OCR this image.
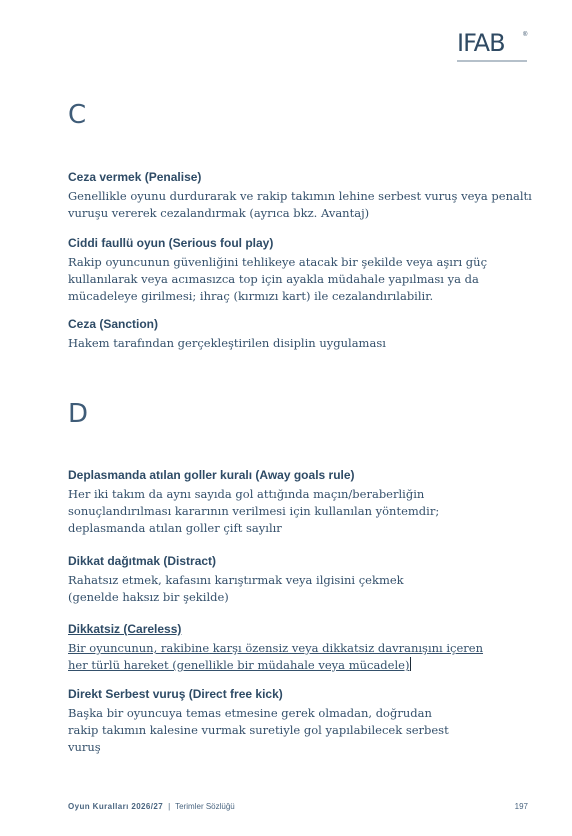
IFAB	®
C

Ceza vermek (Penalise)

Genellikle oyunu durdurarak ve rakip takımın lehine serbest vuruş veya penaltı
vuruşu vererek cezalandırmak (ayrıca bkz. Avantaj)

Ciddi faullü oyun (Serious foul play)

Rakip oyuncunun güvenliğini tehlikeye atacak bir şekilde veya aşırı güç
kullanılarak veya acımasızca top için ayakla müdahale yapılması ya da
mücadeleye girilmesi; ihraç (kırmızı kart) ile cezalandırılabilir.

Ceza (Sanction)

Hakem tarafından gerçekleştirilen disiplin uygulaması

D

Deplasmanda atılan goller kuralı (Away goals rule)

Her iki takım da aynı sayıda gol attığında maçın/beraberliğin
sonuçlandırılması kararının verilmesi için kullanılan yöntemdir;
deplasmanda atılan goller çift sayılır

Dikkat dağıtmak (Distract)

Rahatsız etmek, kafasını karıştırmak veya ilgisini çekmek
(genelde haksız bir şekilde)

Dikkatsiz (Careless)

Bir oyuncunun, rakibine karşı özensiz veya dikkatsiz davranışını içeren
her türlü hareket (genellikle bir müdahale veya mücadele)

Direkt Serbest vuruş (Direct free kick)

Başka bir oyuncuya temas etmesine gerek olmadan, doğrudan
rakip takımın kalesine vurmak suretiyle gol yapılabilecek serbest
vuruş

Oyun Kuralları 2026/27 | Terimler Sözlüğü	197
